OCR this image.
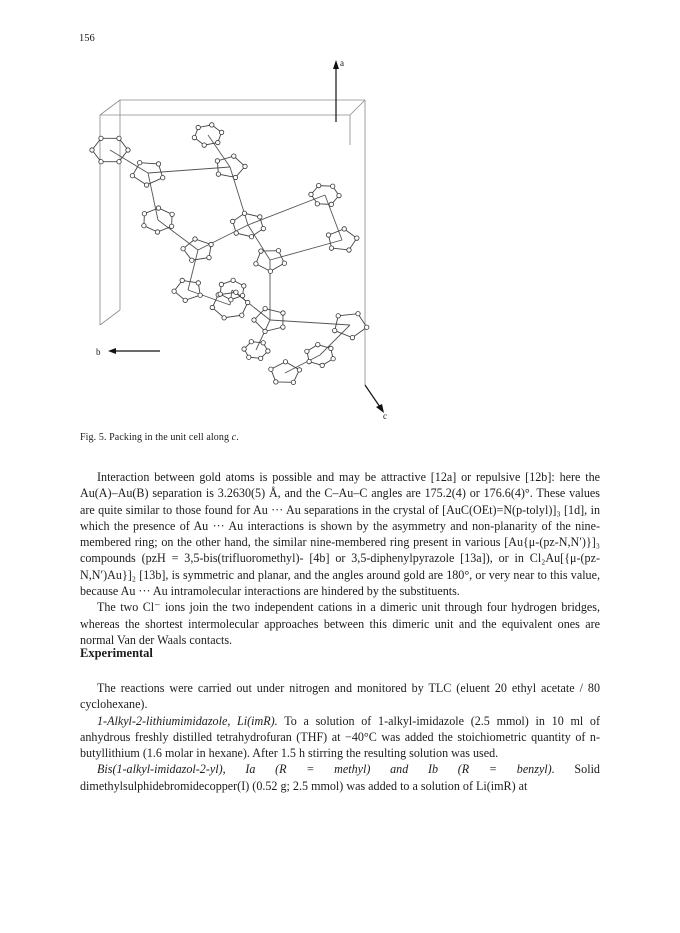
156
a
b
c
Fig. 5. Packing in the unit cell along c.

Interaction between gold atoms is possible and may be attractive [12a] or repulsive [12b]: here the Au(A)–Au(B) separation is 3.2630(5) Å, and the C–Au–C angles are 175.2(4) or 176.6(4)°. These values are quite similar to those found for Au ··· Au separations in the crystal of [AuC(OEt)=N(p-tolyl)]₃ [1d], in which the presence of Au ··· Au interactions is shown by the asymmetry and non-planarity of the nine-membered ring; on the other hand, the similar nine-membered ring present in various [Au{μ-(pz-N,N′)}]₃ compounds (pzH = 3,5-bis(trifluoromethyl)- [4b] or 3,5-diphenylpyrazole [13a]), or in Cl₂Au[{μ-(pz-N,N′)Au}]₂ [13b], is symmetric and planar, and the angles around gold are 180°, or very near to this value, because Au ··· Au intramolecular interactions are hindered by the substituents.

The two Cl⁻ ions join the two independent cations in a dimeric unit through four hydrogen bridges, whereas the shortest intermolecular approaches between this dimeric unit and the equivalent ones are normal Van der Waals contacts.

Experimental

The reactions were carried out under nitrogen and monitored by TLC (eluent 20 ethyl acetate / 80 cyclohexane).

1-Alkyl-2-lithiumimidazole, Li(imR). To a solution of 1-alkyl-imidazole (2.5 mmol) in 10 ml of anhydrous freshly distilled tetrahydrofuran (THF) at −40°C was added the stoichiometric quantity of n-butyllithium (1.6 molar in hexane). After 1.5 h stirring the resulting solution was used.

Bis(1-alkyl-imidazol-2-yl), Ia (R = methyl) and Ib (R = benzyl). Solid dimethylsulphidebromidecopper(I) (0.52 g; 2.5 mmol) was added to a solution of Li(imR) at
